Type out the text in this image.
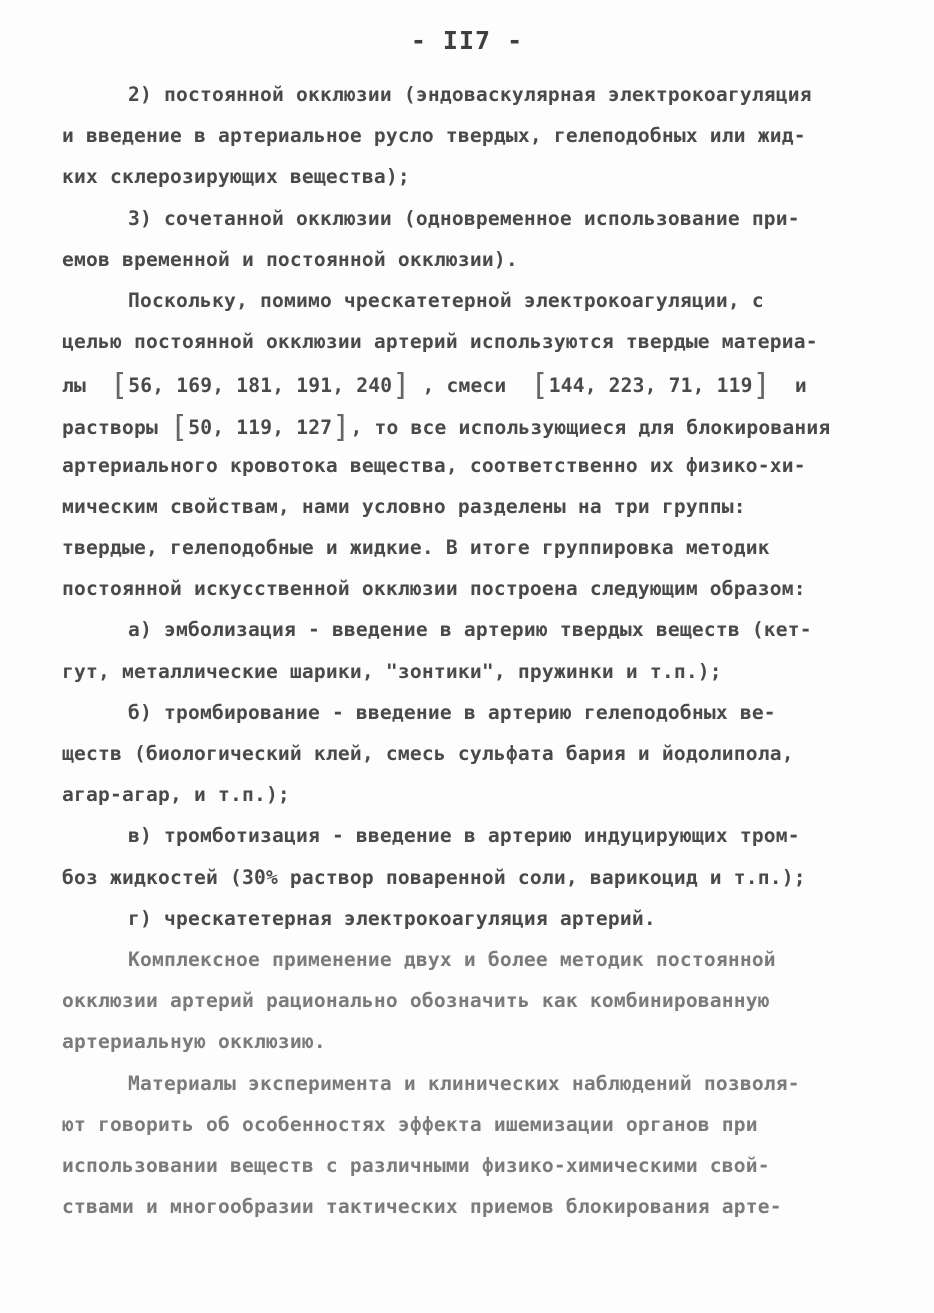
- II7 -
2) постоянной окклюзии (эндоваскулярная электрокоагуляция
и введение в артериальное русло твердых, гелеподобных или жид-
ких склерозирующих вещества);
3) сочетанной окклюзии (одновременное использование при-
емов временной и постоянной окклюзии).
Поскольку, помимо чрескатетерной электрокоагуляции, с
целью постоянной окклюзии артерий используются твердые материа-
лы [56, 169, 181, 191, 240] , смеси [144, 223, 71, 119] и
растворы [50, 119, 127], то все использующиеся для блокирования
артериального кровотока вещества, соответственно их физико-хи-
мическим свойствам, нами условно разделены на три группы:
твердые, гелеподобные и жидкие. В итоге группировка методик
постоянной искусственной окклюзии построена следующим образом:
а) эмболизация - введение в артерию твердых веществ (кет-
гут, металлические шарики, "зонтики", пружинки и т.п.);
б) тромбирование - введение в артерию гелеподобных ве-
ществ (биологический клей, смесь сульфата бария и йодолипола,
агар-агар, и т.п.);
в) тромботизация - введение в артерию индуцирующих тром-
боз жидкостей (30% раствор поваренной соли, варикоцид и т.п.);
г) чрескатетерная электрокоагуляция артерий.
Комплексное применение двух и более методик постоянной
окклюзии артерий рационально обозначить как комбинированную
артериальную окклюзию.
Материалы эксперимента и клинических наблюдений позволя-
ют говорить об особенностях эффекта ишемизации органов при
использовании веществ с различными физико-химическими свой-
ствами и многообразии тактических приемов блокирования арте-
